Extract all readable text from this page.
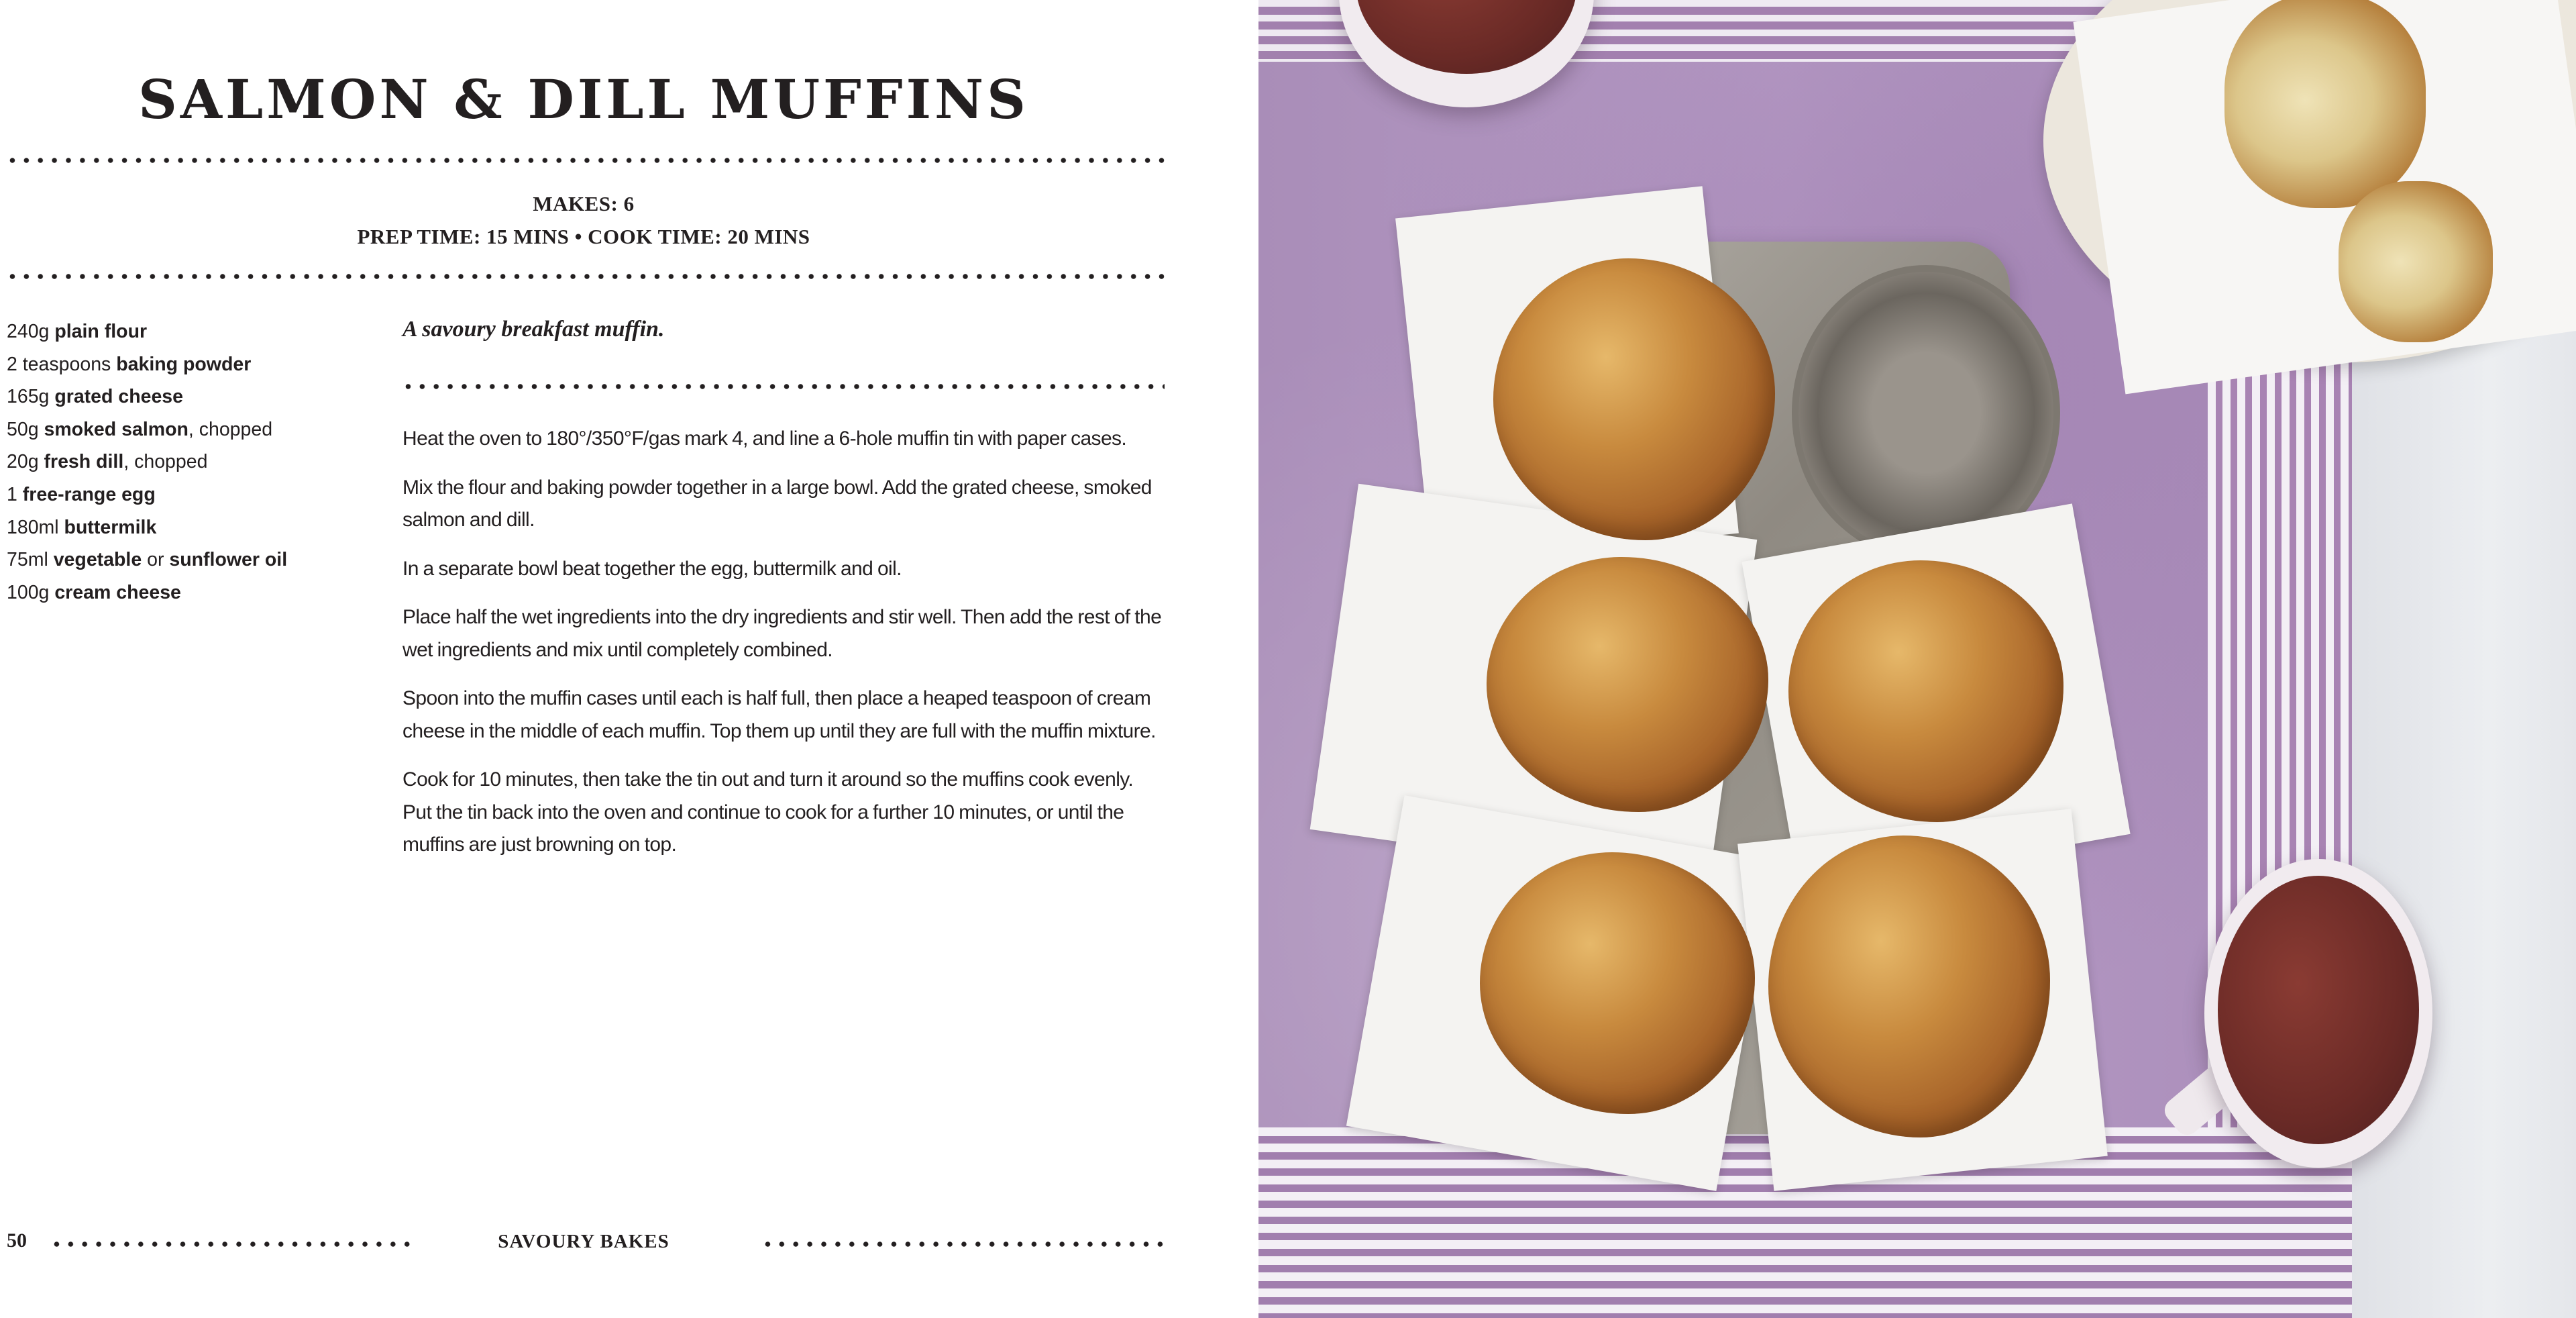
SALMON & DILL MUFFINS
MAKES: 6
PREP TIME: 15 MINS • COOK TIME: 20 MINS
240g plain flour
2 teaspoons baking powder
165g grated cheese
50g smoked salmon, chopped
20g fresh dill, chopped
1 free-range egg
180ml buttermilk
75ml vegetable or sunflower oil
100g cream cheese

A savoury breakfast muffin.

Heat the oven to 180°/350°F/gas mark 4, and line a 6-hole muffin tin with paper cases.

Mix the flour and baking powder together in a large bowl. Add the grated cheese, smoked salmon and dill.

In a separate bowl beat together the egg, buttermilk and oil.

Place half the wet ingredients into the dry ingredients and stir well. Then add the rest of the wet ingredients and mix until completely combined.

Spoon into the muffin cases until each is half full, then place a heaped teaspoon of cream cheese in the middle of each muffin. Top them up until they are full with the muffin mixture.

Cook for 10 minutes, then take the tin out and turn it around so the muffins cook evenly. Put the tin back into the oven and continue to cook for a further 10 minutes, or until the muffins are just browning on top.

50	SAVOURY BAKES
